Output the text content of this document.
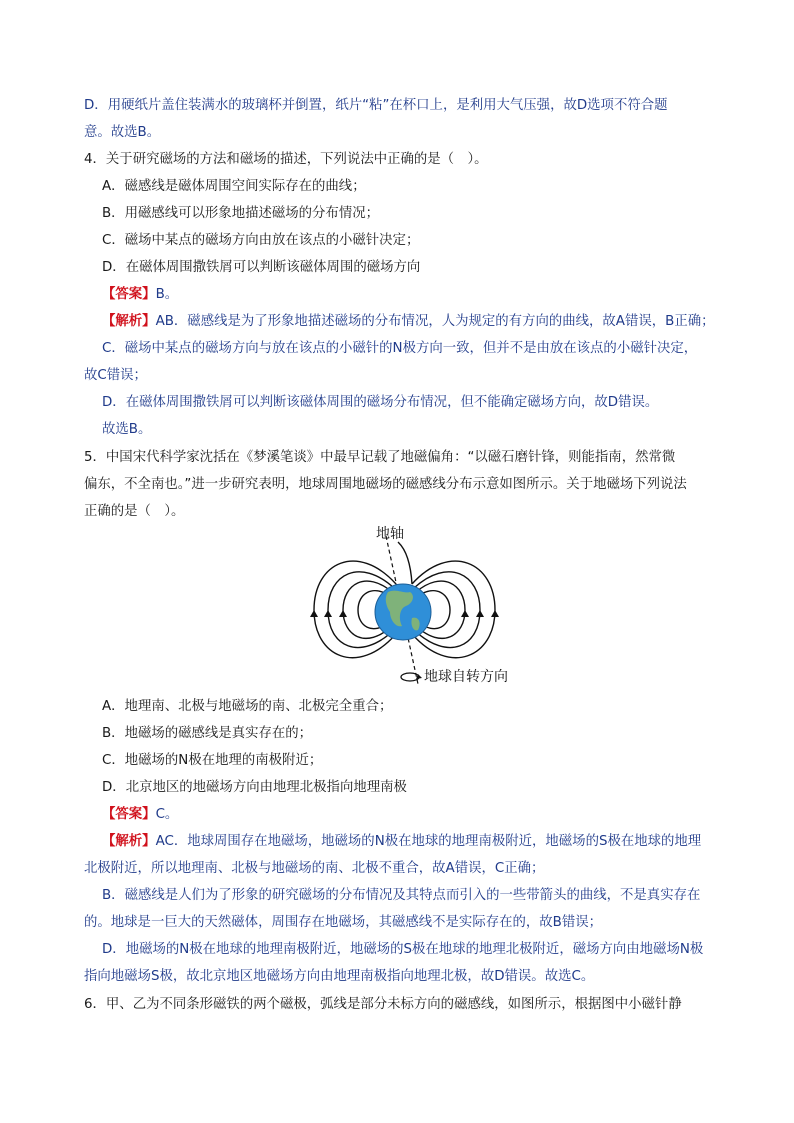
D．用硬纸片盖住装满水的玻璃杯并倒置，纸片“粘”在杯口上，是利用大气压强，故D选项不符合题
意。故选B。
4．关于研究磁场的方法和磁场的描述，下列说法中正确的是（　）。
A．磁感线是磁体周围空间实际存在的曲线；
B．用磁感线可以形象地描述磁场的分布情况；
C．磁场中某点的磁场方向由放在该点的小磁针决定；
D．在磁体周围撒铁屑可以判断该磁体周围的磁场方向
【答案】B。
【解析】AB．磁感线是为了形象地描述磁场的分布情况，人为规定的有方向的曲线，故A错误，B正确；
C．磁场中某点的磁场方向与放在该点的小磁针的N极方向一致，但并不是由放在该点的小磁针决定，
故C错误；
D．在磁体周围撒铁屑可以判断该磁体周围的磁场分布情况，但不能确定磁场方向，故D错误。
故选B。
5．中国宋代科学家沈括在《梦溪笔谈》中最早记载了地磁偏角：“以磁石磨针锋，则能指南，然常微
偏东，不全南也。”进一步研究表明，地球周围地磁场的磁感线分布示意如图所示。关于地磁场下列说法
正确的是（　）。
地轴
地球自转方向
A．地理南、北极与地磁场的南、北极完全重合；
B．地磁场的磁感线是真实存在的；
C．地磁场的N极在地理的南极附近；
D．北京地区的地磁场方向由地理北极指向地理南极
【答案】C。
【解析】AC．地球周围存在地磁场，地磁场的N极在地球的地理南极附近，地磁场的S极在地球的地理
北极附近，所以地理南、北极与地磁场的南、北极不重合，故A错误，C正确；
B．磁感线是人们为了形象的研究磁场的分布情况及其特点而引入的一些带箭头的曲线，不是真实存在
的。地球是一巨大的天然磁体，周围存在地磁场，其磁感线不是实际存在的，故B错误；
D．地磁场的N极在地球的地理南极附近，地磁场的S极在地球的地理北极附近，磁场方向由地磁场N极
指向地磁场S极，故北京地区地磁场方向由地理南极指向地理北极，故D错误。故选C。
6．甲、乙为不同条形磁铁的两个磁极，弧线是部分未标方向的磁感线，如图所示，根据图中小磁针静
